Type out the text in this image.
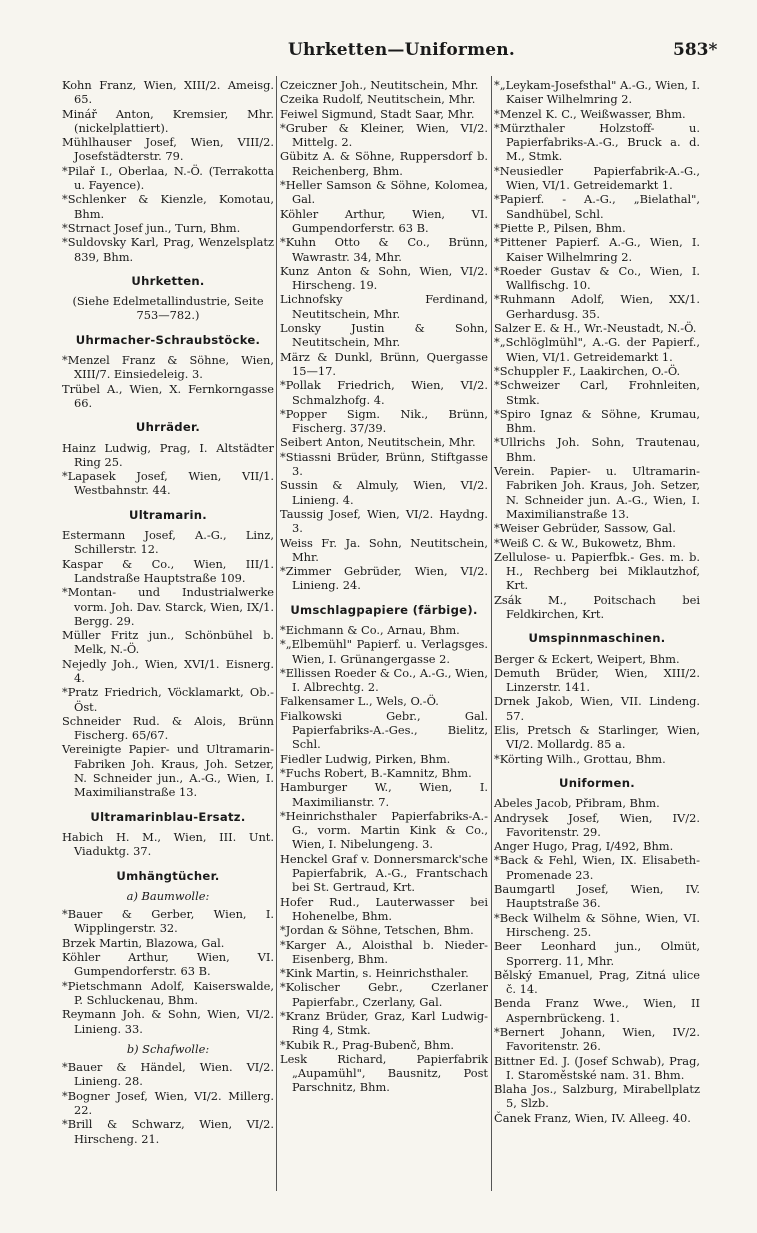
Uhrketten—Uniformen.	583*
Kohn Franz, Wien, XIII/2. Ameisg. 65.
Minář Anton, Kremsier, Mhr. (nickelplattiert).
Mühlhauser Josef, Wien, VIII/2. Josefstädterstr. 79.
*Pilař I., Oberlaa, N.-Ö. (Terrakotta u. Fayence).
*Schlenker & Kienzle, Komotau, Bhm.
*Strnact Josef jun., Turn, Bhm.
*Suldovsky Karl, Prag, Wenzelsplatz 839, Bhm.
Uhrketten.
(Siehe Edelmetallindustrie, Seite 753—782.)
Uhrmacher-Schraubstöcke.
*Menzel Franz & Söhne, Wien, XIII/7. Einsiedeleig. 3.
Trübel A., Wien, X. Fernkorngasse 66.
Uhrräder.
Hainz Ludwig, Prag, I. Altstädter Ring 25.
*Lapasek Josef, Wien, VII/1. Westbahnstr. 44.
Ultramarin.
Estermann Josef, A.-G., Linz, Schillerstr. 12.
Kaspar & Co., Wien, III/1. Landstraße Hauptstraße 109.
*Montan- und Industrialwerke vorm. Joh. Dav. Starck, Wien, IX/1. Bergg. 29.
Müller Fritz jun., Schönbühel b. Melk, N.-Ö.
Nejedly Joh., Wien, XVI/1. Eisnerg. 4.
*Pratz Friedrich, Vöcklamarkt, Ob.-Öst.
Schneider Rud. & Alois, Brünn Fischerg. 65/67.
Vereinigte Papier- und Ultramarin-Fabriken Joh. Kraus, Joh. Setzer, N. Schneider jun., A.-G., Wien, I. Maximilianstraße 13.
Ultramarinblau-Ersatz.
Habich H. M., Wien, III. Unt. Viaduktg. 37.
Umhängtücher.
a) Baumwolle:
*Bauer & Gerber, Wien, I. Wipplingerstr. 32.
Brzek Martin, Blazowa, Gal.
Köhler Arthur, Wien, VI. Gumpendorferstr. 63 B.
*Pietschmann Adolf, Kaiserswalde, P. Schluckenau, Bhm.
Reymann Joh. & Sohn, Wien, VI/2. Linieng. 33.
b) Schafwolle:
*Bauer & Händel, Wien. VI/2. Linieng. 28.
*Bogner Josef, Wien, VI/2. Millerg. 22.
*Brill & Schwarz, Wien, VI/2. Hirscheng. 21.
Czeiczner Joh., Neutitschein, Mhr.
Czeika Rudolf, Neutitschein, Mhr.
Feiwel Sigmund, Stadt Saar, Mhr.
*Gruber & Kleiner, Wien, VI/2. Mittelg. 2.
Gübitz A. & Söhne, Ruppersdorf b. Reichenberg, Bhm.
*Heller Samson & Söhne, Kolomea, Gal.
Köhler Arthur, Wien, VI. Gumpendorferstr. 63 B.
*Kuhn Otto & Co., Brünn, Wawrastr. 34, Mhr.
Kunz Anton & Sohn, Wien, VI/2. Hirscheng. 19.
Lichnofsky Ferdinand, Neutitschein, Mhr.
Lonsky Justin & Sohn, Neutitschein, Mhr.
März & Dunkl, Brünn, Quergasse 15—17.
*Pollak Friedrich, Wien, VI/2. Schmalzhofg. 4.
*Popper Sigm. Nik., Brünn, Fischerg. 37/39.
Seibert Anton, Neutitschein, Mhr.
*Stiassni Brüder, Brünn, Stiftgasse 3.
Sussin & Almuly, Wien, VI/2. Linieng. 4.
Taussig Josef, Wien, VI/2. Haydng. 3.
Weiss Fr. Ja. Sohn, Neutitschein, Mhr.
*Zimmer Gebrüder, Wien, VI/2. Linieng. 24.
Umschlagpapiere (färbige).
*Eichmann & Co., Arnau, Bhm.
*„Elbemühl" Papierf. u. Verlagsges. Wien, I. Grünangergasse 2.
*Ellissen Roeder & Co., A.-G., Wien, I. Albrechtg. 2.
Falkensamer L., Wels, O.-Ö.
Fialkowski Gebr., Gal. Papierfabriks-A.-Ges., Bielitz, Schl.
Fiedler Ludwig, Pirken, Bhm.
*Fuchs Robert, B.-Kamnitz, Bhm.
Hamburger W., Wien, I. Maximilianstr. 7.
*Heinrichsthaler Papierfabriks-A.-G., vorm. Martin Kink & Co., Wien, I. Nibelungeng. 3.
Henckel Graf v. Donnersmarck'sche Papierfabrik, A.-G., Frantschach bei St. Gertraud, Krt.
Hofer Rud., Lauterwasser bei Hohenelbe, Bhm.
*Jordan & Söhne, Tetschen, Bhm.
*Karger A., Aloisthal b. Nieder-Eisenberg, Bhm.
*Kink Martin, s. Heinrichsthaler.
*Kolischer Gebr., Czerlaner Papierfabr., Czerlany, Gal.
*Kranz Brüder, Graz, Karl Ludwig-Ring 4, Stmk.
*Kubik R., Prag-Bubenč, Bhm.
Lesk Richard, Papierfabrik „Aupamühl", Bausnitz, Post Parschnitz, Bhm.
*„Leykam-Josefsthal" A.-G., Wien, I. Kaiser Wilhelmring 2.
*Menzel K. C., Weißwasser, Bhm.
*Mürzthaler Holzstoff- u. Papierfabriks-A.-G., Bruck a. d. M., Stmk.
*Neusiedler Papierfabrik-A.-G., Wien, VI/1. Getreidemarkt 1.
*Papierf. - A.-G., „Bielathal", Sandhübel, Schl.
*Piette P., Pilsen, Bhm.
*Pittener Papierf. A.-G., Wien, I. Kaiser Wilhelmring 2.
*Roeder Gustav & Co., Wien, I. Wallfischg. 10.
*Ruhmann Adolf, Wien, XX/1. Gerhardusg. 35.
Salzer E. & H., Wr.-Neustadt, N.-Ö.
*„Schlöglmühl", A.-G. der Papierf., Wien, VI/1. Getreidemarkt 1.
*Schuppler F., Laakirchen, O.-Ö.
*Schweizer Carl, Frohnleiten, Stmk.
*Spiro Ignaz & Söhne, Krumau, Bhm.
*Ullrichs Joh. Sohn, Trautenau, Bhm.
Verein. Papier- u. Ultramarin-Fabriken Joh. Kraus, Joh. Setzer, N. Schneider jun. A.-G., Wien, I. Maximilianstraße 13.
*Weiser Gebrüder, Sassow, Gal.
*Weiß C. & W., Bukowetz, Bhm.
Zellulose- u. Papierfbk.- Ges. m. b. H., Rechberg bei Miklautzhof, Krt.
Zsák M., Poitschach bei Feldkirchen, Krt.
Umspinnmaschinen.
Berger & Eckert, Weipert, Bhm.
Demuth Brüder, Wien, XIII/2. Linzerstr. 141.
Drnek Jakob, Wien, VII. Lindeng. 57.
Elis, Pretsch & Starlinger, Wien, VI/2. Mollardg. 85 a.
*Körting Wilh., Grottau, Bhm.
Uniformen.
Abeles Jacob, Přibram, Bhm.
Andrysek Josef, Wien, IV/2. Favoritenstr. 29.
Anger Hugo, Prag, I/492, Bhm.
*Back & Fehl, Wien, IX. Elisabeth-Promenade 23.
Baumgartl Josef, Wien, IV. Hauptstraße 36.
*Beck Wilhelm & Söhne, Wien, VI. Hirscheng. 25.
Beer Leonhard jun., Olmüt, Sporrerg. 11, Mhr.
Bělský Emanuel, Prag, Zitná ulice č. 14.
Benda Franz Wwe., Wien, II Aspernbrückeng. 1.
*Bernert Johann, Wien, IV/2. Favoritenstr. 26.
Bittner Ed. J. (Josef Schwab), Prag, I. Staroměstské nam. 31. Bhm.
Blaha Jos., Salzburg, Mirabellplatz 5, Slzb.
Čanek Franz, Wien, IV. Alleeg. 40.
